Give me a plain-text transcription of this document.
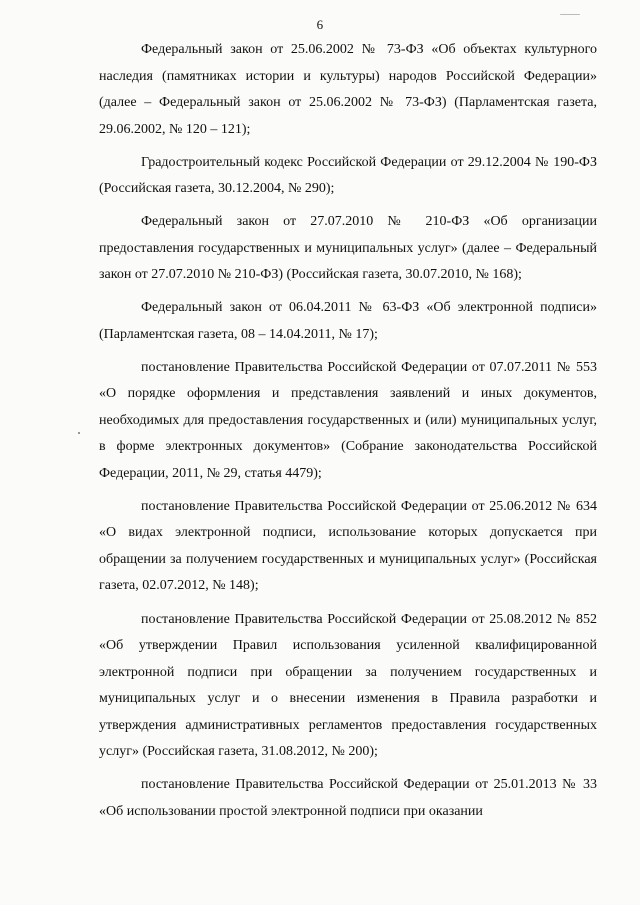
6

Федеральный закон от 25.06.2002 № 73-ФЗ «Об объектах культурного наследия (памятниках истории и культуры) народов Российской Федерации» (далее – Федеральный закон от 25.06.2002 № 73-ФЗ) (Парламентская газета, 29.06.2002, № 120 – 121);

Градостроительный кодекс Российской Федерации от 29.12.2004 № 190-ФЗ (Российская газета, 30.12.2004, № 290);

Федеральный закон от 27.07.2010 № 210-ФЗ «Об организации предоставления государственных и муниципальных услуг» (далее – Федеральный закон от 27.07.2010 № 210-ФЗ) (Российская газета, 30.07.2010, № 168);

Федеральный закон от 06.04.2011 № 63-ФЗ «Об электронной подписи» (Парламентская газета, 08 – 14.04.2011, № 17);

постановление Правительства Российской Федерации от 07.07.2011 № 553 «О порядке оформления и представления заявлений и иных документов, необходимых для предоставления государственных и (или) муниципальных услуг, в форме электронных документов» (Собрание законодательства Российской Федерации, 2011, № 29, статья 4479);

постановление Правительства Российской Федерации от 25.06.2012 № 634 «О видах электронной подписи, использование которых допускается при обращении за получением государственных и муниципальных услуг» (Российская газета, 02.07.2012, № 148);

постановление Правительства Российской Федерации от 25.08.2012 № 852 «Об утверждении Правил использования усиленной квалифицированной электронной подписи при обращении за получением государственных и муниципальных услуг и о внесении изменения в Правила разработки и утверждения административных регламентов предоставления государственных услуг» (Российская газета, 31.08.2012, № 200);

постановление Правительства Российской Федерации от 25.01.2013 № 33 «Об использовании простой электронной подписи при оказании
